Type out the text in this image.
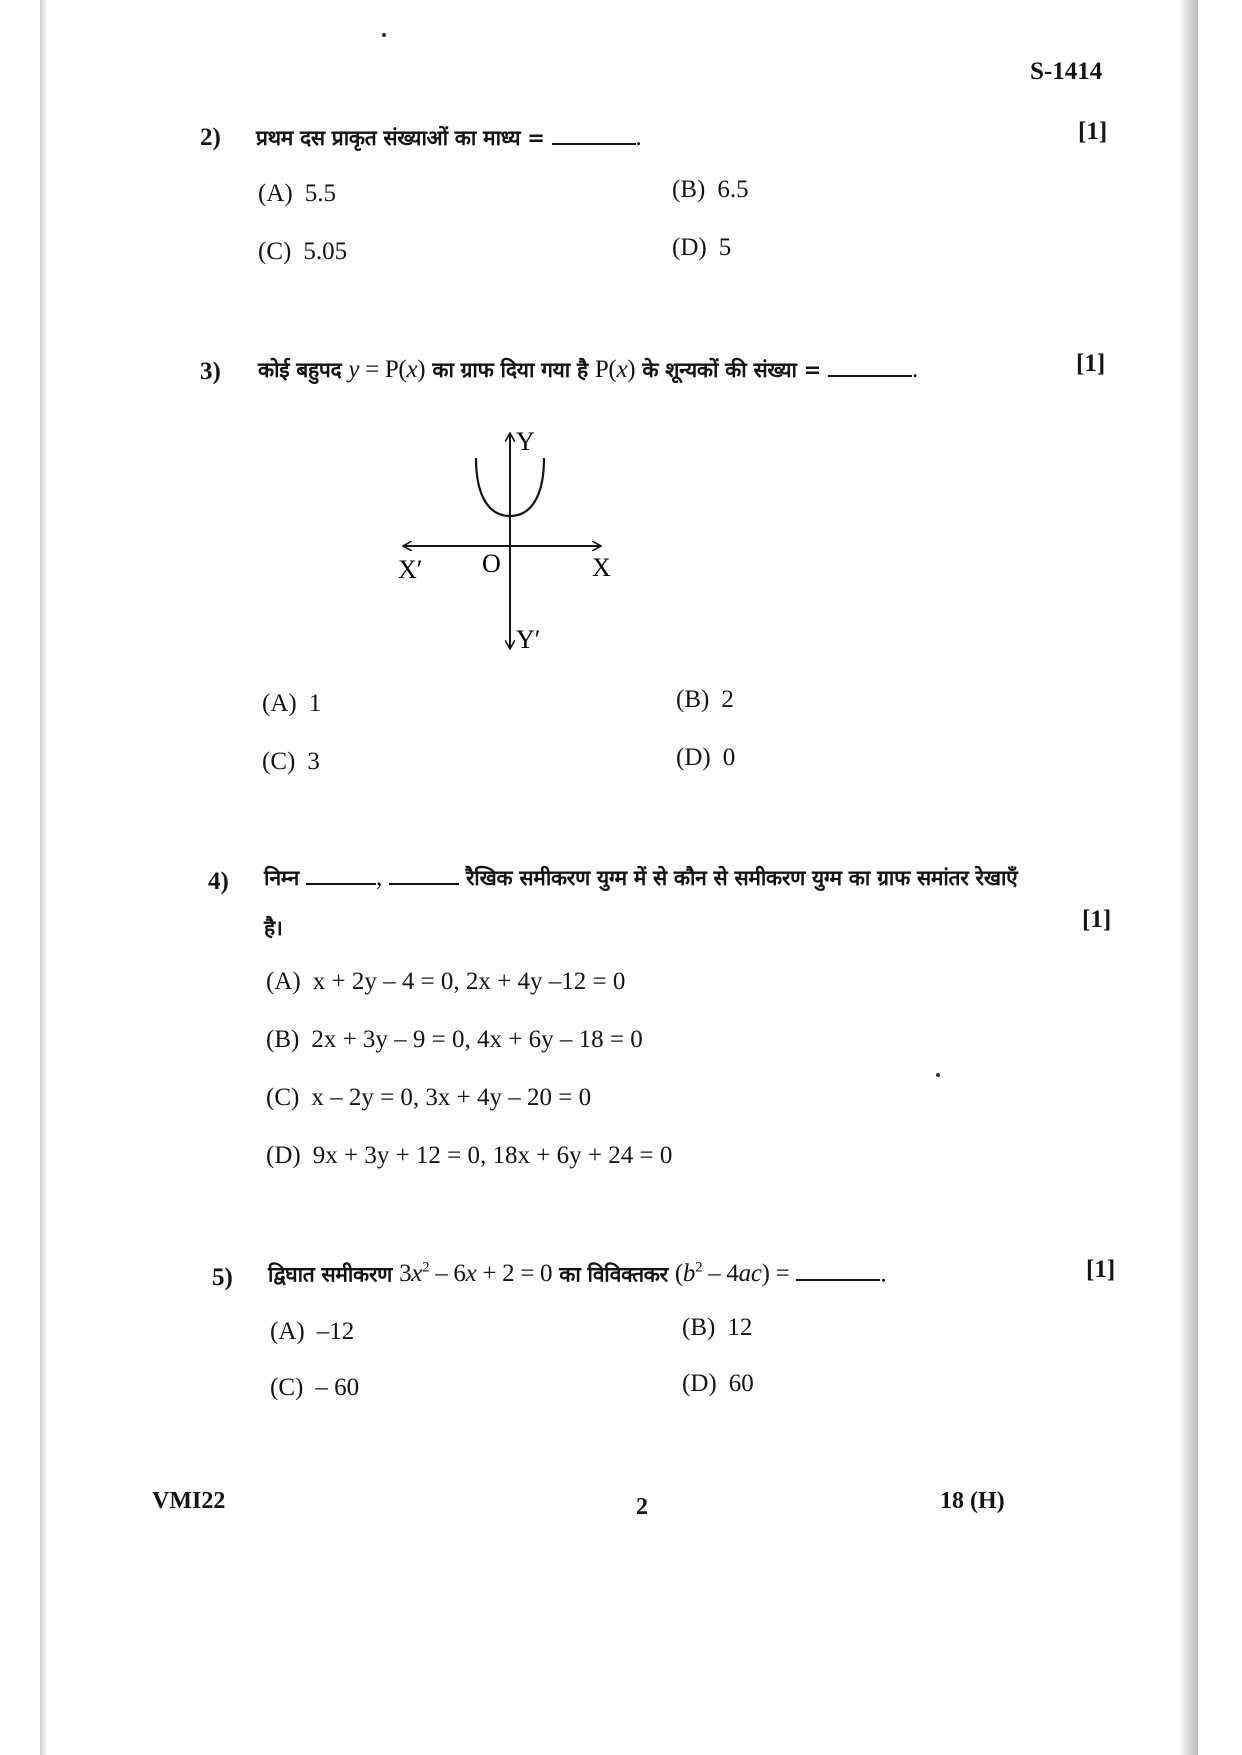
S-1414
2) प्रथम दस प्राकृत संख्याओं का माध्य =	.	[1]
(A) 5.5	(B) 6.5
(C) 5.05	(D) 5
3) कोई बहुपद y = P(x) का ग्राफ दिया गया है P(x) के शून्यकों की संख्या =	.	[1]
Y
Y′
X
X′ O
(A) 1	(B) 2
(C) 3	(D) 0
4) निम्न	,	रैखिक समीकरण युग्म में से कौन से समीकरण युग्म का ग्राफ समांतर रेखाएँ
है।	[1]
(A) x + 2y – 4 = 0, 2x + 4y –12 = 0
(B) 2x + 3y – 9 = 0, 4x + 6y – 18 = 0
(C) x – 2y = 0, 3x + 4y – 20 = 0
(D) 9x + 3y + 12 = 0, 18x + 6y + 24 = 0
5) द्विघात समीकरण $3x^2 - 6x + 2 = 0$ का विविक्तकर $(b^2 - 4ac)$ =	.	[1]
(A) –12	(B) 12
(C) – 60	(D) 60
VMI22	2	18 (H)
